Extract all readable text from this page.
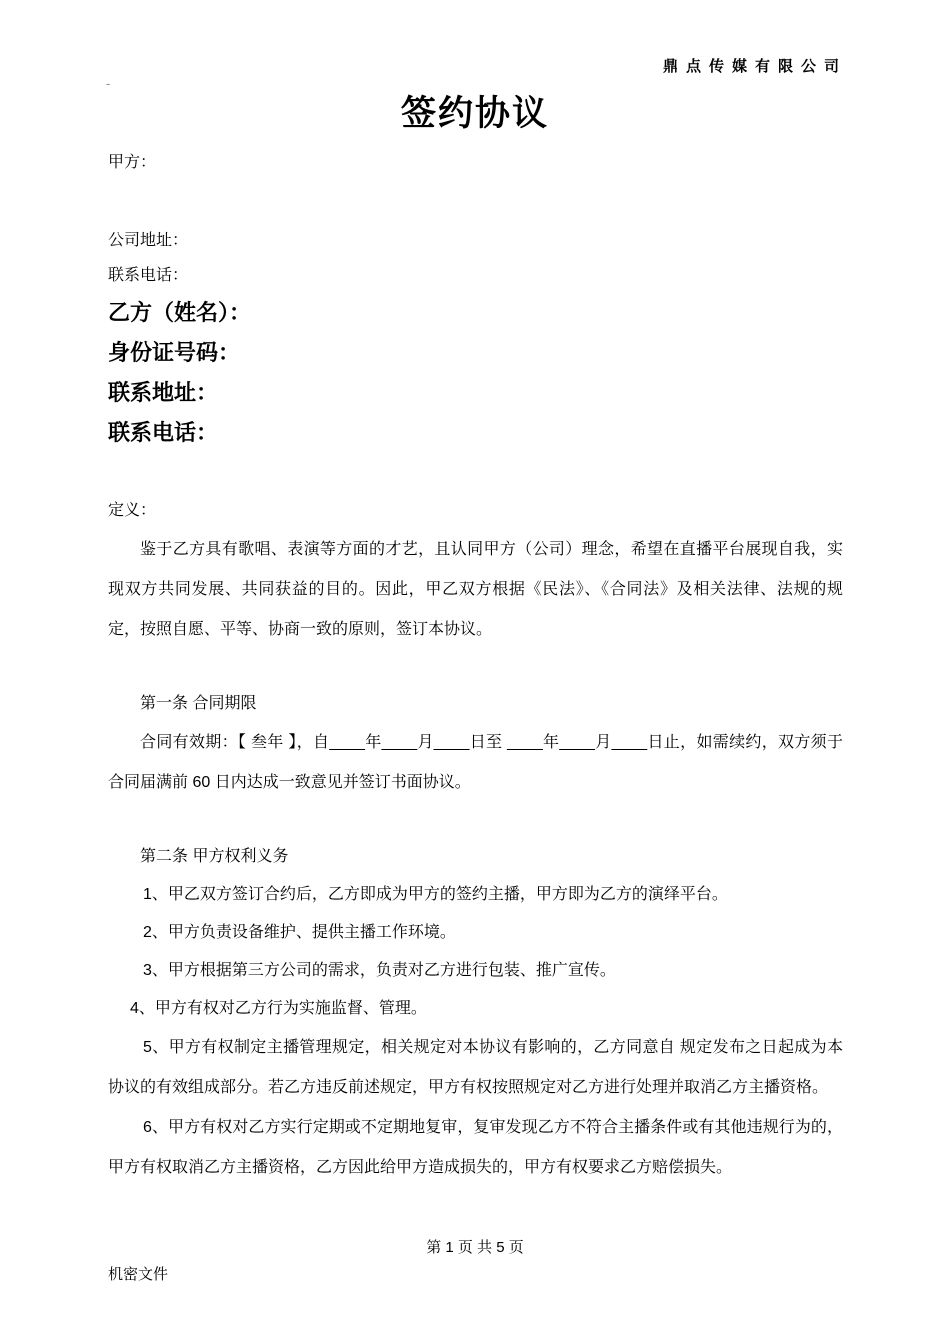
鼎点传媒有限公司
-
签约协议

甲方：

公司地址：

联系电话：

乙方（姓名）：

身份证号码：

联系地址：

联系电话：

定义：

鉴于乙方具有歌唱、表演等方面的才艺，且认同甲方（公司）理念，希望在直播平台展现自我，实现双方共同发展、共同获益的目的。因此，甲乙双方根据《民法》、《合同法》及相关法律、法规的规定，按照自愿、平等、协商一致的原则，签订本协议。

第一条 合同期限

合同有效期：【 叁年 】，自____年____月____日至 ____年____月____日止，如需续约，双方须于合同届满前 60 日内达成一致意见并签订书面协议。

第二条 甲方权利义务

1、甲乙双方签订合约后，乙方即成为甲方的签约主播，甲方即为乙方的演绎平台。

2、甲方负责设备维护、提供主播工作环境。

3、甲方根据第三方公司的需求，负责对乙方进行包装、推广宣传。

4、甲方有权对乙方行为实施监督、管理。

5、甲方有权制定主播管理规定，相关规定对本协议有影响的，乙方同意自 规定发布之日起成为本协议的有效组成部分。若乙方违反前述规定，甲方有权按照规定对乙方进行处理并取消乙方主播资格。

6、甲方有权对乙方实行定期或不定期地复审，复审发现乙方不符合主播条件或有其他违规行为的，甲方有权取消乙方主播资格，乙方因此给甲方造成损失的，甲方有权要求乙方赔偿损失。

第 1 页 共 5 页
机密文件
